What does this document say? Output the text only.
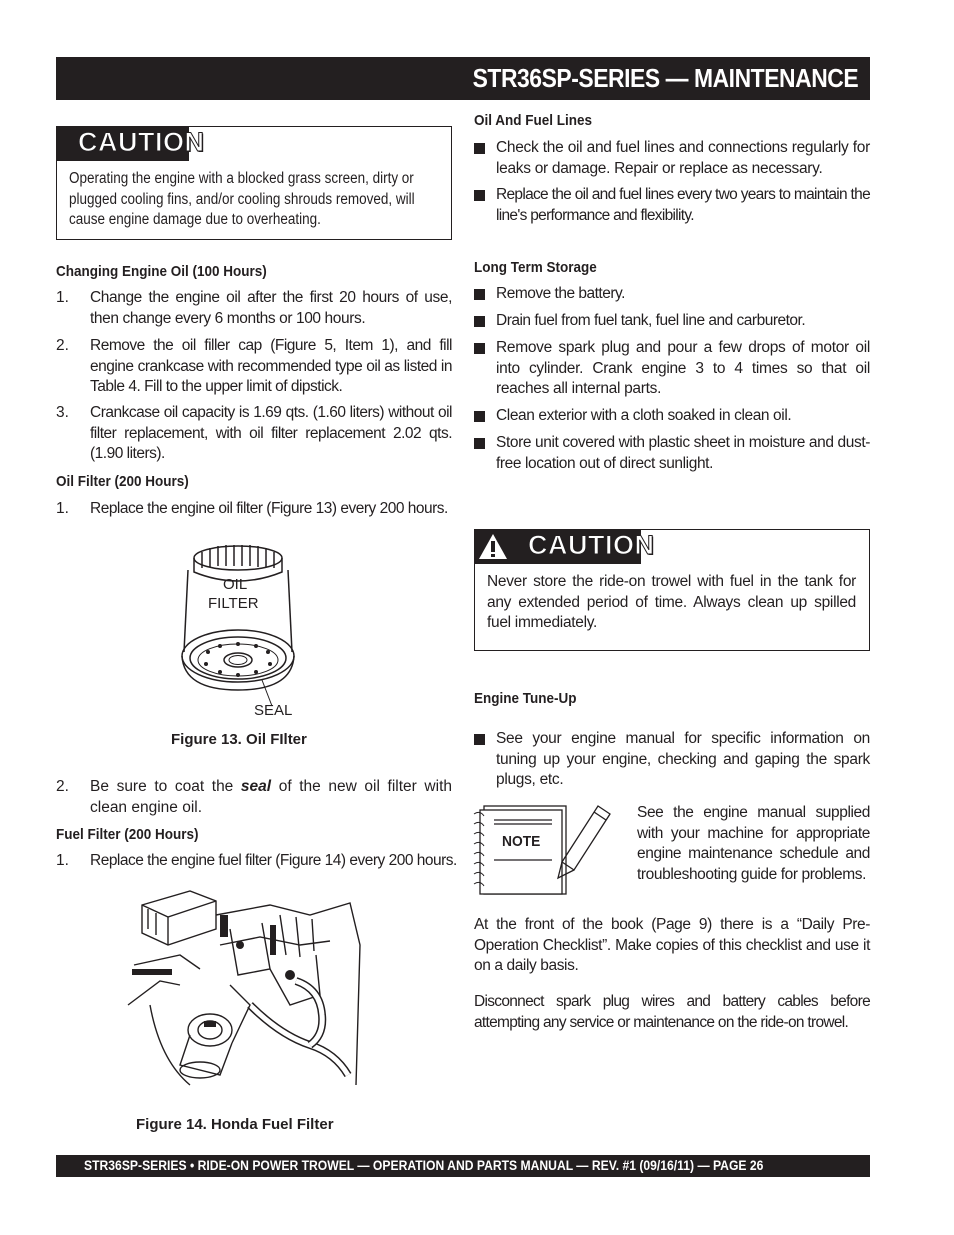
STR36SP-SERIES — MAINTENANCE
CAUTION
Operating the engine with a blocked grass screen, dirty or plugged cooling fins, and/or cooling shrouds removed, will cause engine damage due to overheating.
Changing Engine Oil (100 Hours)
1. Change the engine oil after the first 20 hours of use, then change every 6 months or 100 hours.
2. Remove the oil filler cap (Figure 5, Item 1), and fill engine crankcase with recommended type oil as listed in Table 4. Fill to the upper limit of dipstick.
3. Crankcase oil capacity is 1.69 qts. (1.60 liters) without oil filter replacement, with oil filter replacement 2.02 qts. (1.90 liters).
Oil Filter (200 Hours)
1. Replace the engine oil filter (Figure 13) every 200 hours.
OIL
FILTER
SEAL
Figure 13. Oil FIlter
2. Be sure to coat the seal of the new oil filter with clean engine oil.
Fuel Filter (200 Hours)
1. Replace the engine fuel filter (Figure 14) every 200 hours.
Figure 14. Honda Fuel Filter
Oil And Fuel Lines
Check the oil and fuel lines and connections regularly for leaks or damage. Repair or replace as necessary.
Replace the oil and fuel lines every two years to maintain the line's performance and flexibility.
Long Term Storage
Remove the battery.
Drain fuel from fuel tank, fuel line and carburetor.
Remove spark plug and pour a few drops of motor oil into cylinder. Crank engine 3 to 4 times so that oil reaches all internal parts.
Clean exterior with a cloth soaked in clean oil.
Store unit covered with plastic sheet in moisture and dust-free location out of direct sunlight.
CAUTION
Never store the ride-on trowel with fuel in the tank for any extended period of time. Always clean up spilled fuel immediately.
Engine Tune-Up
See your engine manual for specific information on tuning up your engine, checking and gaping the spark plugs, etc.
NOTE
See the engine manual supplied with your machine for appropriate engine maintenance schedule and troubleshooting guide for problems.
At the front of the book (Page 9) there is a “Daily Pre-Operation Checklist”. Make copies of this checklist and use it on a daily basis.
Disconnect spark plug wires and battery cables before attempting any service or maintenance on the ride-on trowel.
STR36SP-SERIES • RIDE-ON POWER TROWEL — OPERATION AND PARTS MANUAL — REV. #1 (09/16/11) — PAGE 26
